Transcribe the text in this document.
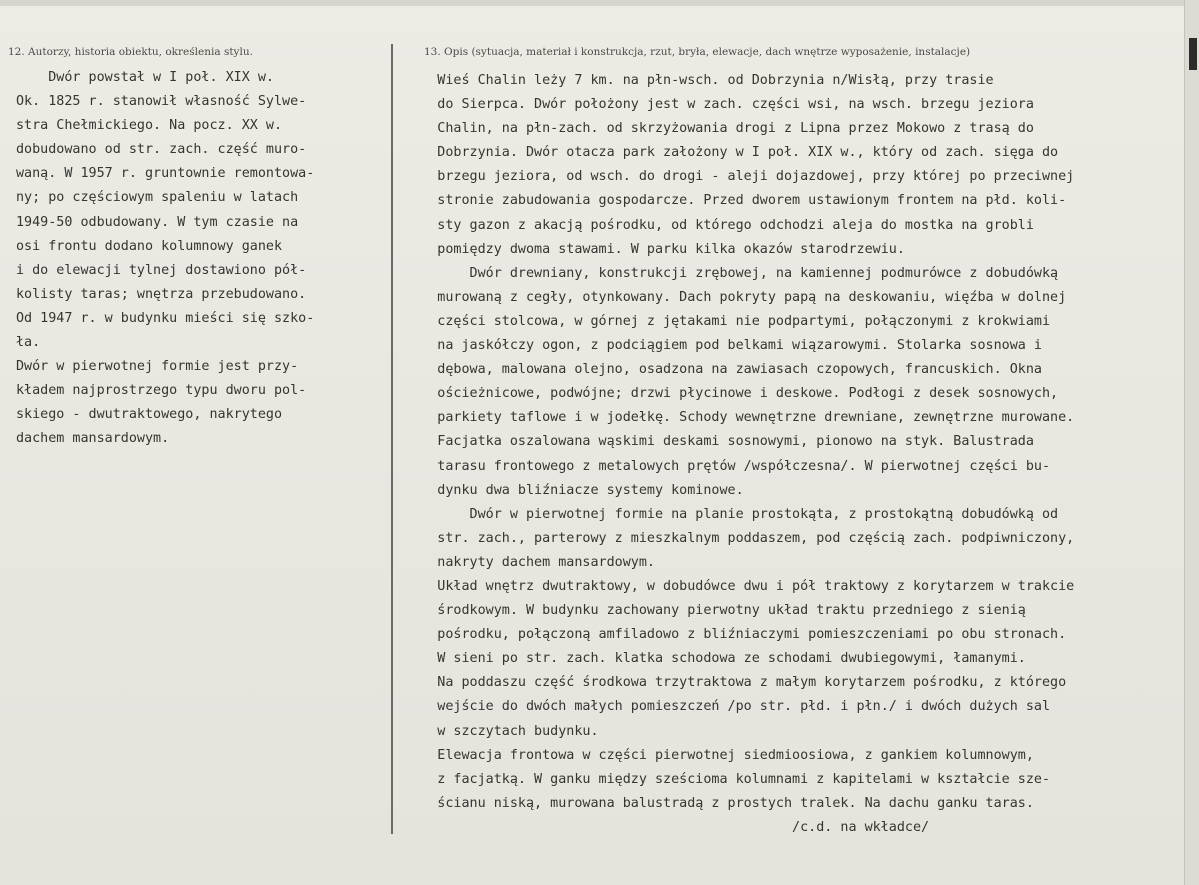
12. Autorzy, historia obiektu, określenia stylu.	13. Opis (sytuacja, materiał i konstrukcja, rzut, bryła, elewacje, dach wnętrze wyposażenie, instalacje)
Dwór powstał w I poł. XIX w.
Ok. 1825 r. stanowił własność Sylwe-
stra Chełmickiego. Na pocz. XX w.
dobudowano od str. zach. część muro-
waną. W 1957 r. gruntownie remontowa-
ny; po częściowym spaleniu w latach
1949-50 odbudowany. W tym czasie na
osi frontu dodano kolumnowy ganek
i do elewacji tylnej dostawiono pół-
kolisty taras; wnętrza przebudowano.
Od 1947 r. w budynku mieści się szko-
ła.
Dwór w pierwotnej formie jest przy-
kładem najprostrzego typu dworu pol-
skiego - dwutraktowego, nakrytego
dachem mansardowym.
Wieś Chalin leży 7 km. na płn-wsch. od Dobrzynia n/Wisłą, przy trasie
do Sierpca. Dwór położony jest w zach. części wsi, na wsch. brzegu jeziora
Chalin, na płn-zach. od skrzyżowania drogi z Lipna przez Mokowo z trasą do
Dobrzynia. Dwór otacza park założony w I poł. XIX w., który od zach. sięga do
brzegu jeziora, od wsch. do drogi - aleji dojazdowej, przy której po przeciwnej
stronie zabudowania gospodarcze. Przed dworem ustawionym frontem na płd. koli-
sty gazon z akacją pośrodku, od którego odchodzi aleja do mostka na grobli
pomiędzy dwoma stawami. W parku kilka okazów starodrzewiu.
Dwór drewniany, konstrukcji zrębowej, na kamiennej podmurówce z dobudówką
murowaną z cegły, otynkowany. Dach pokryty papą na deskowaniu, więźba w dolnej
części stolcowa, w górnej z jętakami nie podpartymi, połączonymi z krokwiami
na jaskółczy ogon, z podciągiem pod belkami wiązarowymi. Stolarka sosnowa i
dębowa, malowana olejno, osadzona na zawiasach czopowych, francuskich. Okna
ościeżnicowe, podwójne; drzwi płycinowe i deskowe. Podłogi z desek sosnowych,
parkiety taflowe i w jodełkę. Schody wewnętrzne drewniane, zewnętrzne murowane.
Facjatka oszalowana wąskimi deskami sosnowymi, pionowo na styk. Balustrada
tarasu frontowego z metalowych prętów /współczesna/. W pierwotnej części bu-
dynku dwa bliźniacze systemy kominowe.
Dwór w pierwotnej formie na planie prostokąta, z prostokątną dobudówką od
str. zach., parterowy z mieszkalnym poddaszem, pod częścią zach. podpiwniczony,
nakryty dachem mansardowym.
Układ wnętrz dwutraktowy, w dobudówce dwu i pół traktowy z korytarzem w trakcie
środkowym. W budynku zachowany pierwotny układ traktu przedniego z sienią
pośrodku, połączoną amfiladowo z bliźniaczymi pomieszczeniami po obu stronach.
W sieni po str. zach. klatka schodowa ze schodami dwubiegowymi, łamanymi.
Na poddaszu część środkowa trzytraktowa z małym korytarzem pośrodku, z którego
wejście do dwóch małych pomieszczeń /po str. płd. i płn./ i dwóch dużych sal
w szczytach budynku.
Elewacja frontowa w części pierwotnej siedmioosiowa, z gankiem kolumnowym,
z facjatką. W ganku między sześcioma kolumnami z kapitelami w kształcie sze-
ścianu niską, murowana balustradą z prostych tralek. Na dachu ganku taras.
/c.d. na wkładce/
